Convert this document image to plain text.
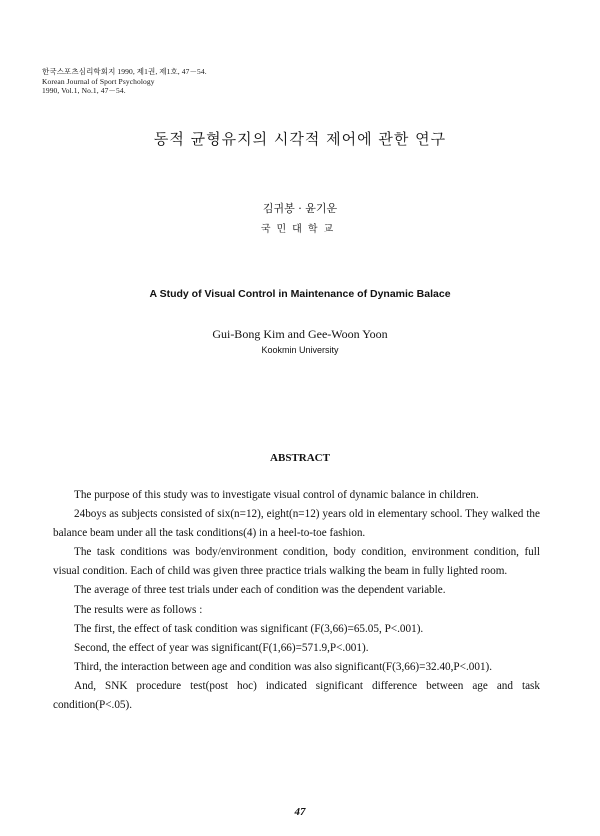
한국스포츠심리학회지 1990, 제1권, 제1호, 47－54.
Korean Journal of Sport Psychology
1990, Vol.1, No.1, 47－54.
동적 균형유지의 시각적 제어에 관한 연구
김귀봉 · 윤기운
국민대학교
A Study of Visual Control in Maintenance of Dynamic Balace
Gui-Bong Kim and Gee-Woon Yoon
Kookmin University
ABSTRACT

The purpose of this study was to investigate visual control of dynamic balance in children.

24boys as subjects consisted of six(n=12), eight(n=12) years old in elementary school. They walked the balance beam under all the task conditions(4) in a heel-to-toe fashion.

The task conditions was body/environment condition, body condition, environment condition, full visual condition. Each of child was given three practice trials walking the beam in fully lighted room.

The average of three test trials under each of condition was the dependent variable.

The results were as follows :

The first, the effect of task condition was significant (F(3,66)=65.05, P<.001).

Second, the effect of year was significant(F(1,66)=571.9,P<.001).

Third, the interaction between age and condition was also significant(F(3,66)=32.40,P<.001).

And, SNK procedure test(post hoc) indicated significant difference between age and task condition(P<.05).

47
